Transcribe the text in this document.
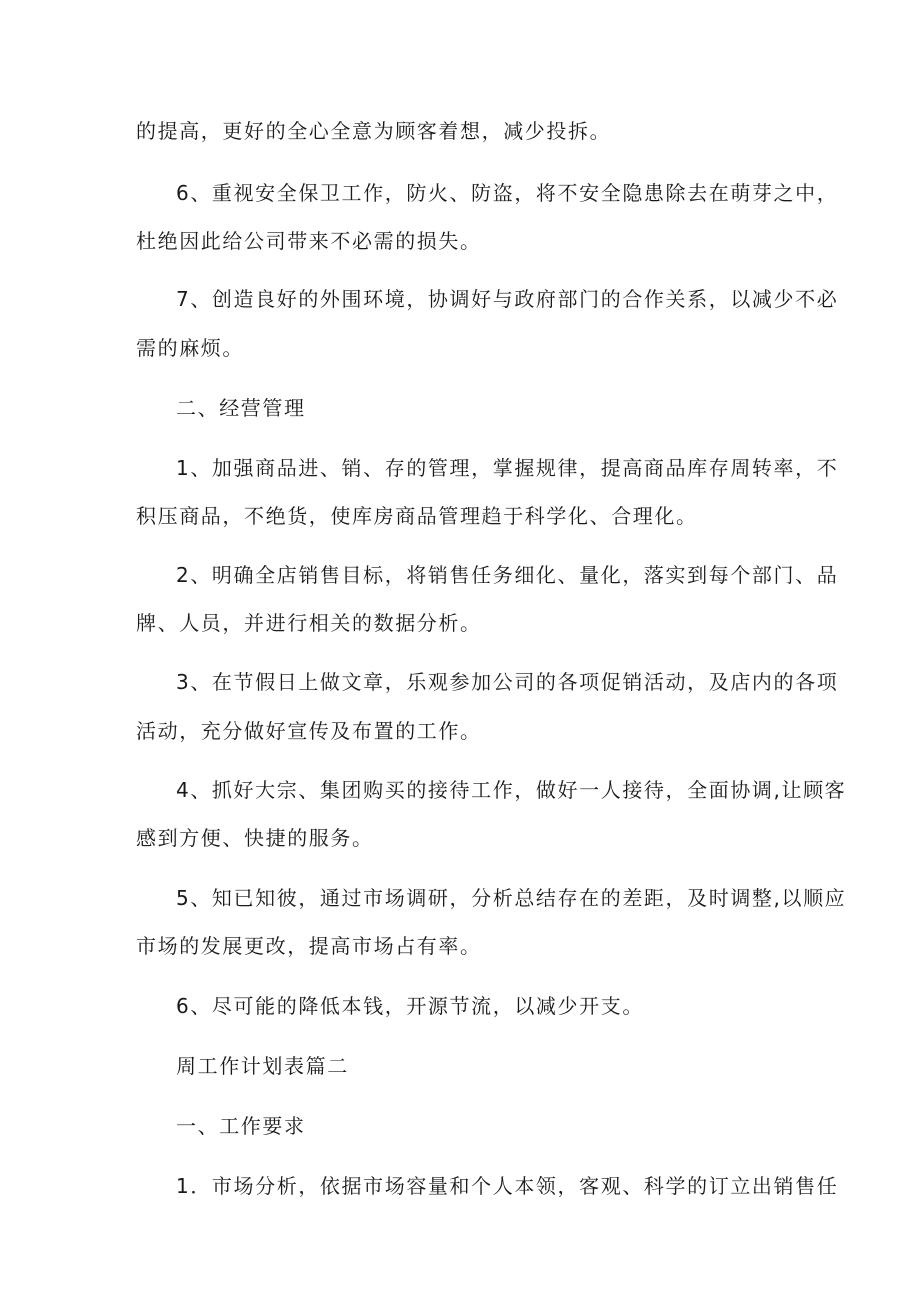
的提高，更好的全心全意为顾客着想，减少投拆。

6、重视安全保卫工作，防火、防盗，将不安全隐患除去在萌芽之中，

杜绝因此给公司带来不必需的损失。

7、创造良好的外围环境，协调好与政府部门的合作关系，以减少不必

需的麻烦。

二、经营管理

1、加强商品进、销、存的管理，掌握规律，提高商品库存周转率，不

积压商品，不绝货，使库房商品管理趋于科学化、合理化。

2、明确全店销售目标，将销售任务细化、量化，落实到每个部门、品

牌、人员，并进行相关的数据分析。

3、在节假日上做文章，乐观参加公司的各项促销活动，及店内的各项

活动，充分做好宣传及布置的工作。

4、抓好大宗、集团购买的接待工作，做好一人接待，全面协调,让顾客

感到方便、快捷的服务。

5、知已知彼，通过市场调研，分析总结存在的差距，及时调整,以顺应

市场的发展更改，提高市场占有率。

6、尽可能的降低本钱，开源节流，以减少开支。

周工作计划表篇二

一、工作要求

1．市场分析，依据市场容量和个人本领，客观、科学的订立出销售任
